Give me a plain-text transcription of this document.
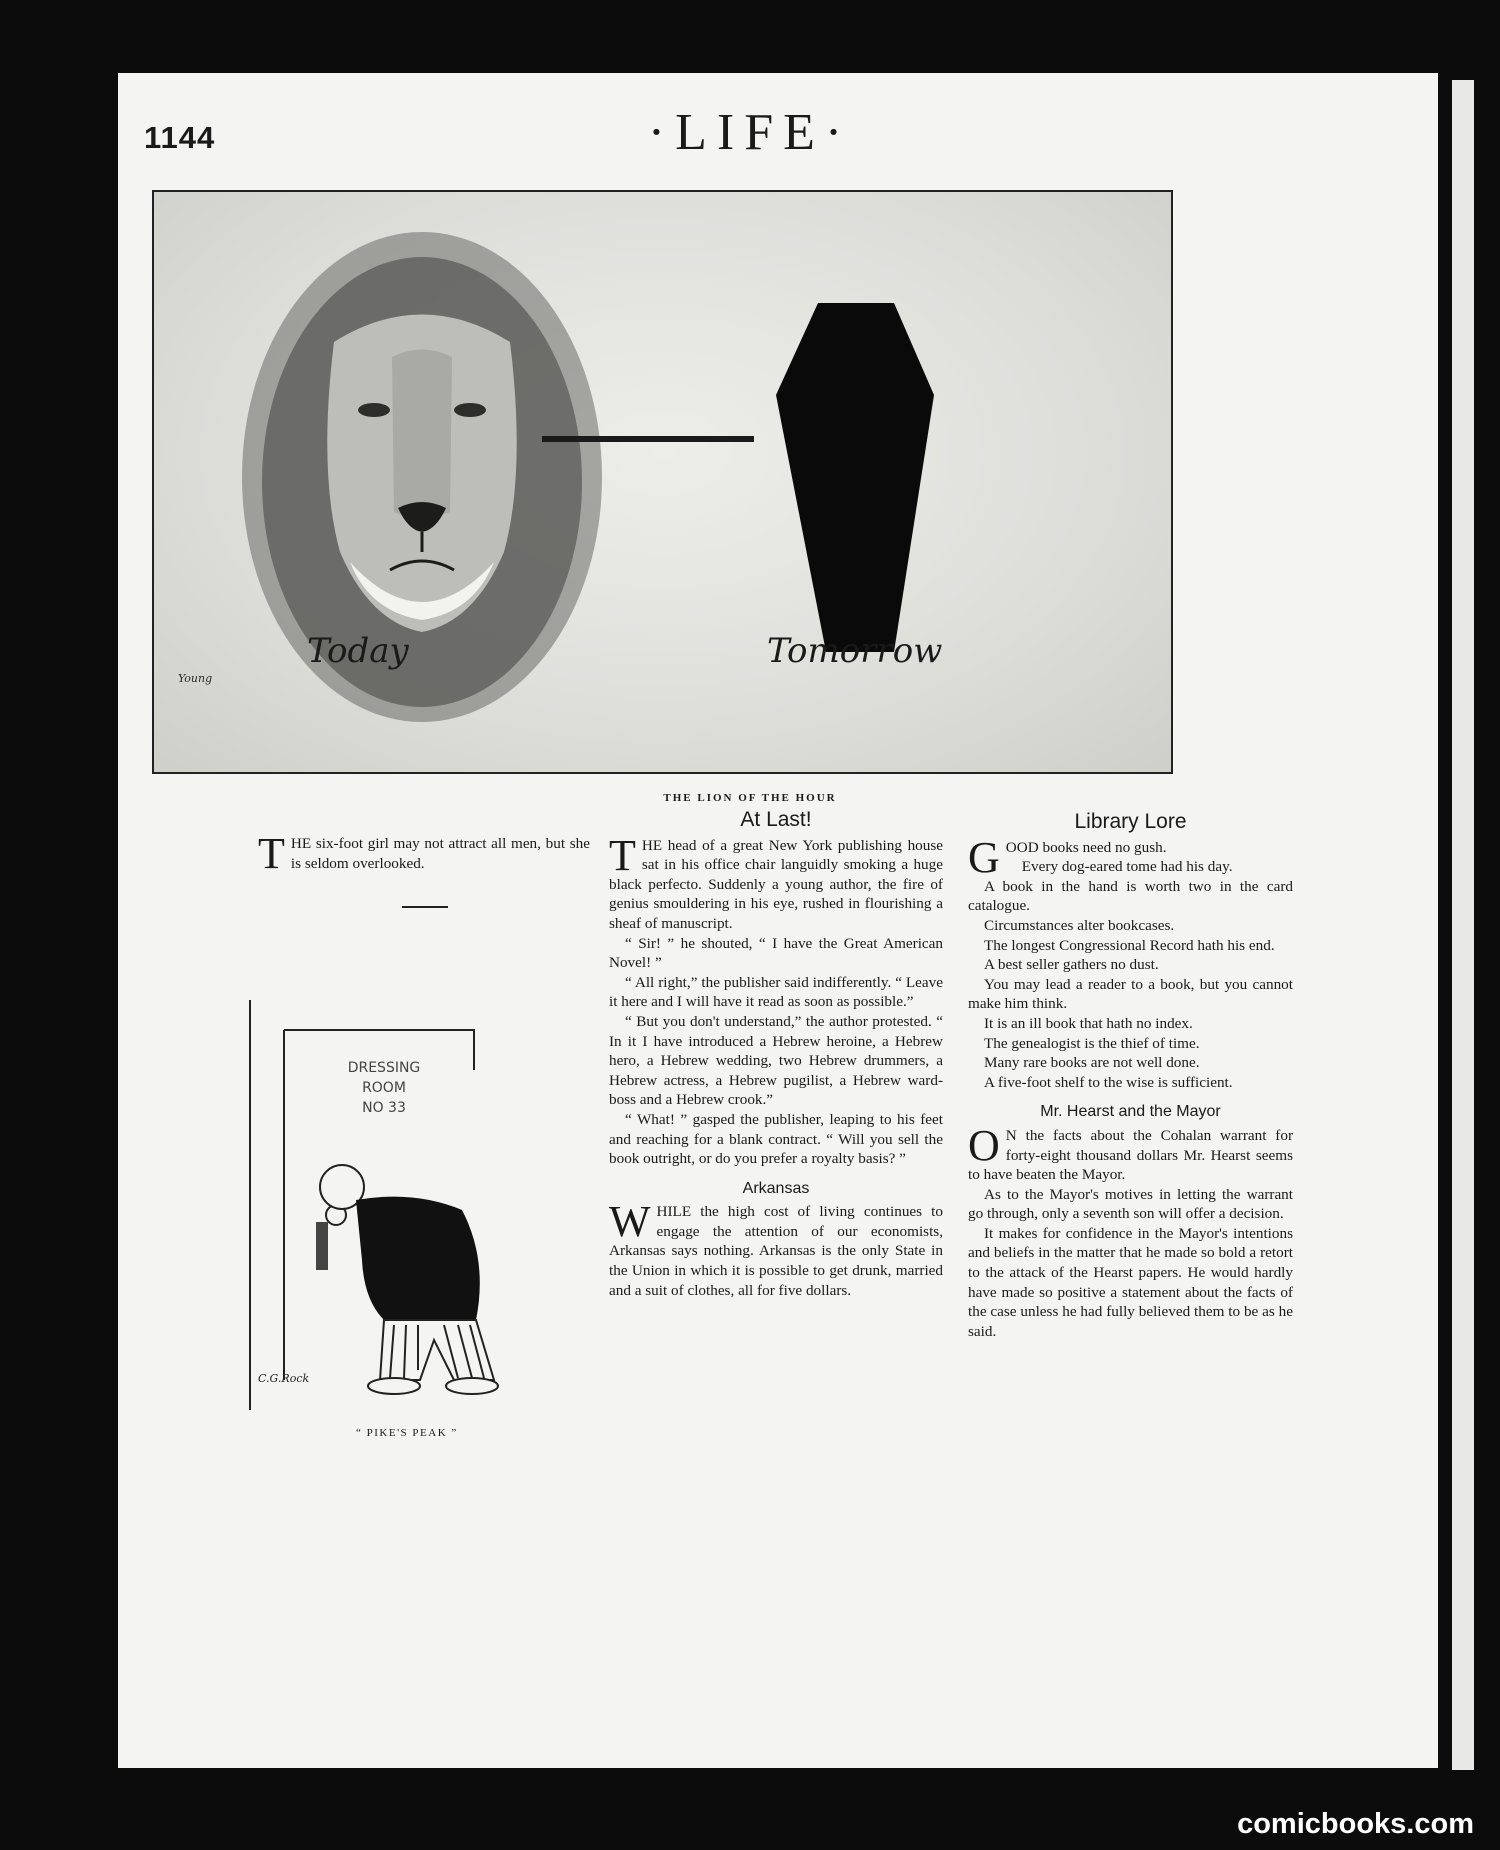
1144	·LIFE·
Today	Tomorrow
Young
THE LION OF THE HOUR

THE six-foot girl may not attract all men, but she is seldom overlooked.

DRESSING
ROOM
NO 33
C.G.Rock
“ PIKE'S PEAK ”
At Last!

THE head of a great New York publishing house sat in his office chair languidly smoking a huge black perfecto. Suddenly a young author, the fire of genius smouldering in his eye, rushed in flourishing a sheaf of manuscript.

“ Sir! ” he shouted, “ I have the Great American Novel! ”

“ All right,” the publisher said indifferently. “ Leave it here and I will have it read as soon as possible.”

“ But you don't understand,” the author protested. “ In it I have introduced a Hebrew heroine, a Hebrew hero, a Hebrew wedding, two Hebrew drummers, a Hebrew actress, a Hebrew pugilist, a Hebrew ward-boss and a Hebrew crook.”

“ What! ” gasped the publisher, leaping to his feet and reaching for a blank contract. “ Will you sell the book outright, or do you prefer a royalty basis? ”

Arkansas

WHILE the high cost of living continues to engage the attention of our economists, Arkansas says nothing. Arkansas is the only State in the Union in which it is possible to get drunk, married and a suit of clothes, all for five dollars.

Library Lore

GOOD books need no gush.

Every dog-eared tome had his day.

A book in the hand is worth two in the card catalogue.

Circumstances alter bookcases.

The longest Congressional Record hath his end.

A best seller gathers no dust.

You may lead a reader to a book, but you cannot make him think.

It is an ill book that hath no index.

The genealogist is the thief of time.

Many rare books are not well done.

A five-foot shelf to the wise is sufficient.

Mr. Hearst and the Mayor

O N the facts about the Cohalan warrant for forty-eight thousand dollars Mr. Hearst seems to have beaten the Mayor.

As to the Mayor's motives in letting the warrant go through, only a seventh son will offer a decision.

It makes for confidence in the Mayor's intentions and beliefs in the matter that he made so bold a retort to the attack of the Hearst papers. He would hardly have made so positive a statement about the facts of the case unless he had fully believed them to be as he said.

comicbooks.com
